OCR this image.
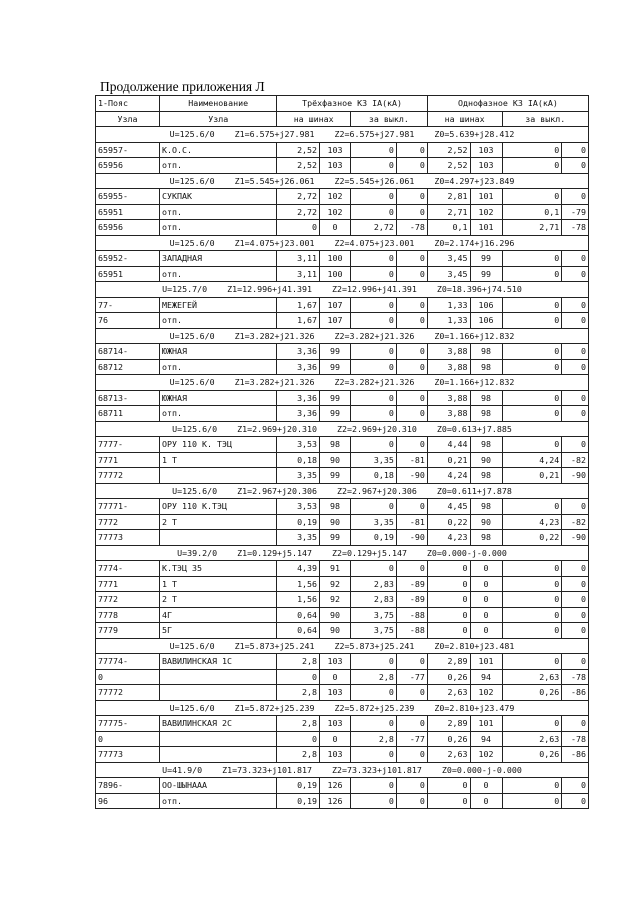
Продолжение приложения Л
1-Пояс	Наименование	Трёхфазное КЗ IA(кА)				Однофазное КЗ IA(кА)			
Узла	Узла	на шинах		за выкл.		на шинах		за выкл.	
U=125.6/0    Z1=6.575+j27.981    Z2=6.575+j27.981    Z0=5.639+j28.412									
65957-	К.О.С.	2,52	103	0	0	2,52	103	0	0
65956	отп.	2,52	103	0	0	2,52	103	0	0
U=125.6/0    Z1=5.545+j26.061    Z2=5.545+j26.061    Z0=4.297+j23.849									
65955-	СУКПАК	2,72	102	0	0	2,81	101	0	0
65951	отп.	2,72	102	0	0	2,71	102	0,1	-79
65956	отп.	0	0	2,72	-78	0,1	101	2,71	-78
U=125.6/0    Z1=4.075+j23.001    Z2=4.075+j23.001    Z0=2.174+j16.296									
65952-	ЗАПАДНАЯ	3,11	100	0	0	3,45	99	0	0
65951	отп.	3,11	100	0	0	3,45	99	0	0
U=125.7/0    Z1=12.996+j41.391    Z2=12.996+j41.391    Z0=18.396+j74.510									
77-	МЕЖЕГЕЙ	1,67	107	0	0	1,33	106	0	0
76	отп.	1,67	107	0	0	1,33	106	0	0
U=125.6/0    Z1=3.282+j21.326    Z2=3.282+j21.326    Z0=1.166+j12.832									
68714-	ЮЖНАЯ	3,36	99	0	0	3,88	98	0	0
68712	отп.	3,36	99	0	0	3,88	98	0	0
U=125.6/0    Z1=3.282+j21.326    Z2=3.282+j21.326    Z0=1.166+j12.832									
68713-	ЮЖНАЯ	3,36	99	0	0	3,88	98	0	0
68711	отп.	3,36	99	0	0	3,88	98	0	0
U=125.6/0    Z1=2.969+j20.310    Z2=2.969+j20.310    Z0=0.613+j7.885									
7777-	ОРУ 110 К. ТЭЦ	3,53	98	0	0	4,44	98	0	0
7771	1 Т	0,18	90	3,35	-81	0,21	90	4,24	-82
77772		3,35	99	0,18	-90	4,24	98	0,21	-90
U=125.6/0    Z1=2.967+j20.306    Z2=2.967+j20.306    Z0=0.611+j7.878									
77771-	ОРУ 110 К.ТЭЦ	3,53	98	0	0	4,45	98	0	0
7772	2 Т	0,19	90	3,35	-81	0,22	90	4,23	-82
77773		3,35	99	0,19	-90	4,23	98	0,22	-90
U=39.2/0    Z1=0.129+j5.147    Z2=0.129+j5.147    Z0=0.000-j-0.000									
7774-	К.ТЭЦ 35	4,39	91	0	0	0	0	0	0
7771	1 Т	1,56	92	2,83	-89	0	0	0	0
7772	2 Т	1,56	92	2,83	-89	0	0	0	0
7778	4Г	0,64	90	3,75	-88	0	0	0	0
7779	5Г	0,64	90	3,75	-88	0	0	0	0
U=125.6/0    Z1=5.873+j25.241    Z2=5.873+j25.241    Z0=2.810+j23.481									
77774-	ВАВИЛИНСКАЯ 1С	2,8	103	0	0	2,89	101	0	0
0		0	0	2,8	-77	0,26	94	2,63	-78
77772		2,8	103	0	0	2,63	102	0,26	-86
U=125.6/0    Z1=5.872+j25.239    Z2=5.872+j25.239    Z0=2.810+j23.479									
77775-	ВАВИЛИНСКАЯ 2С	2,8	103	0	0	2,89	101	0	0
0		0	0	2,8	-77	0,26	94	2,63	-78
77773		2,8	103	0	0	2,63	102	0,26	-86
U=41.9/0    Z1=73.323+j101.817    Z2=73.323+j101.817    Z0=0.000-j-0.000									
7896-	ОО-ШЫНААА	0,19	126	0	0	0	0	0	0
96	отп.	0,19	126	0	0	0	0	0	0
